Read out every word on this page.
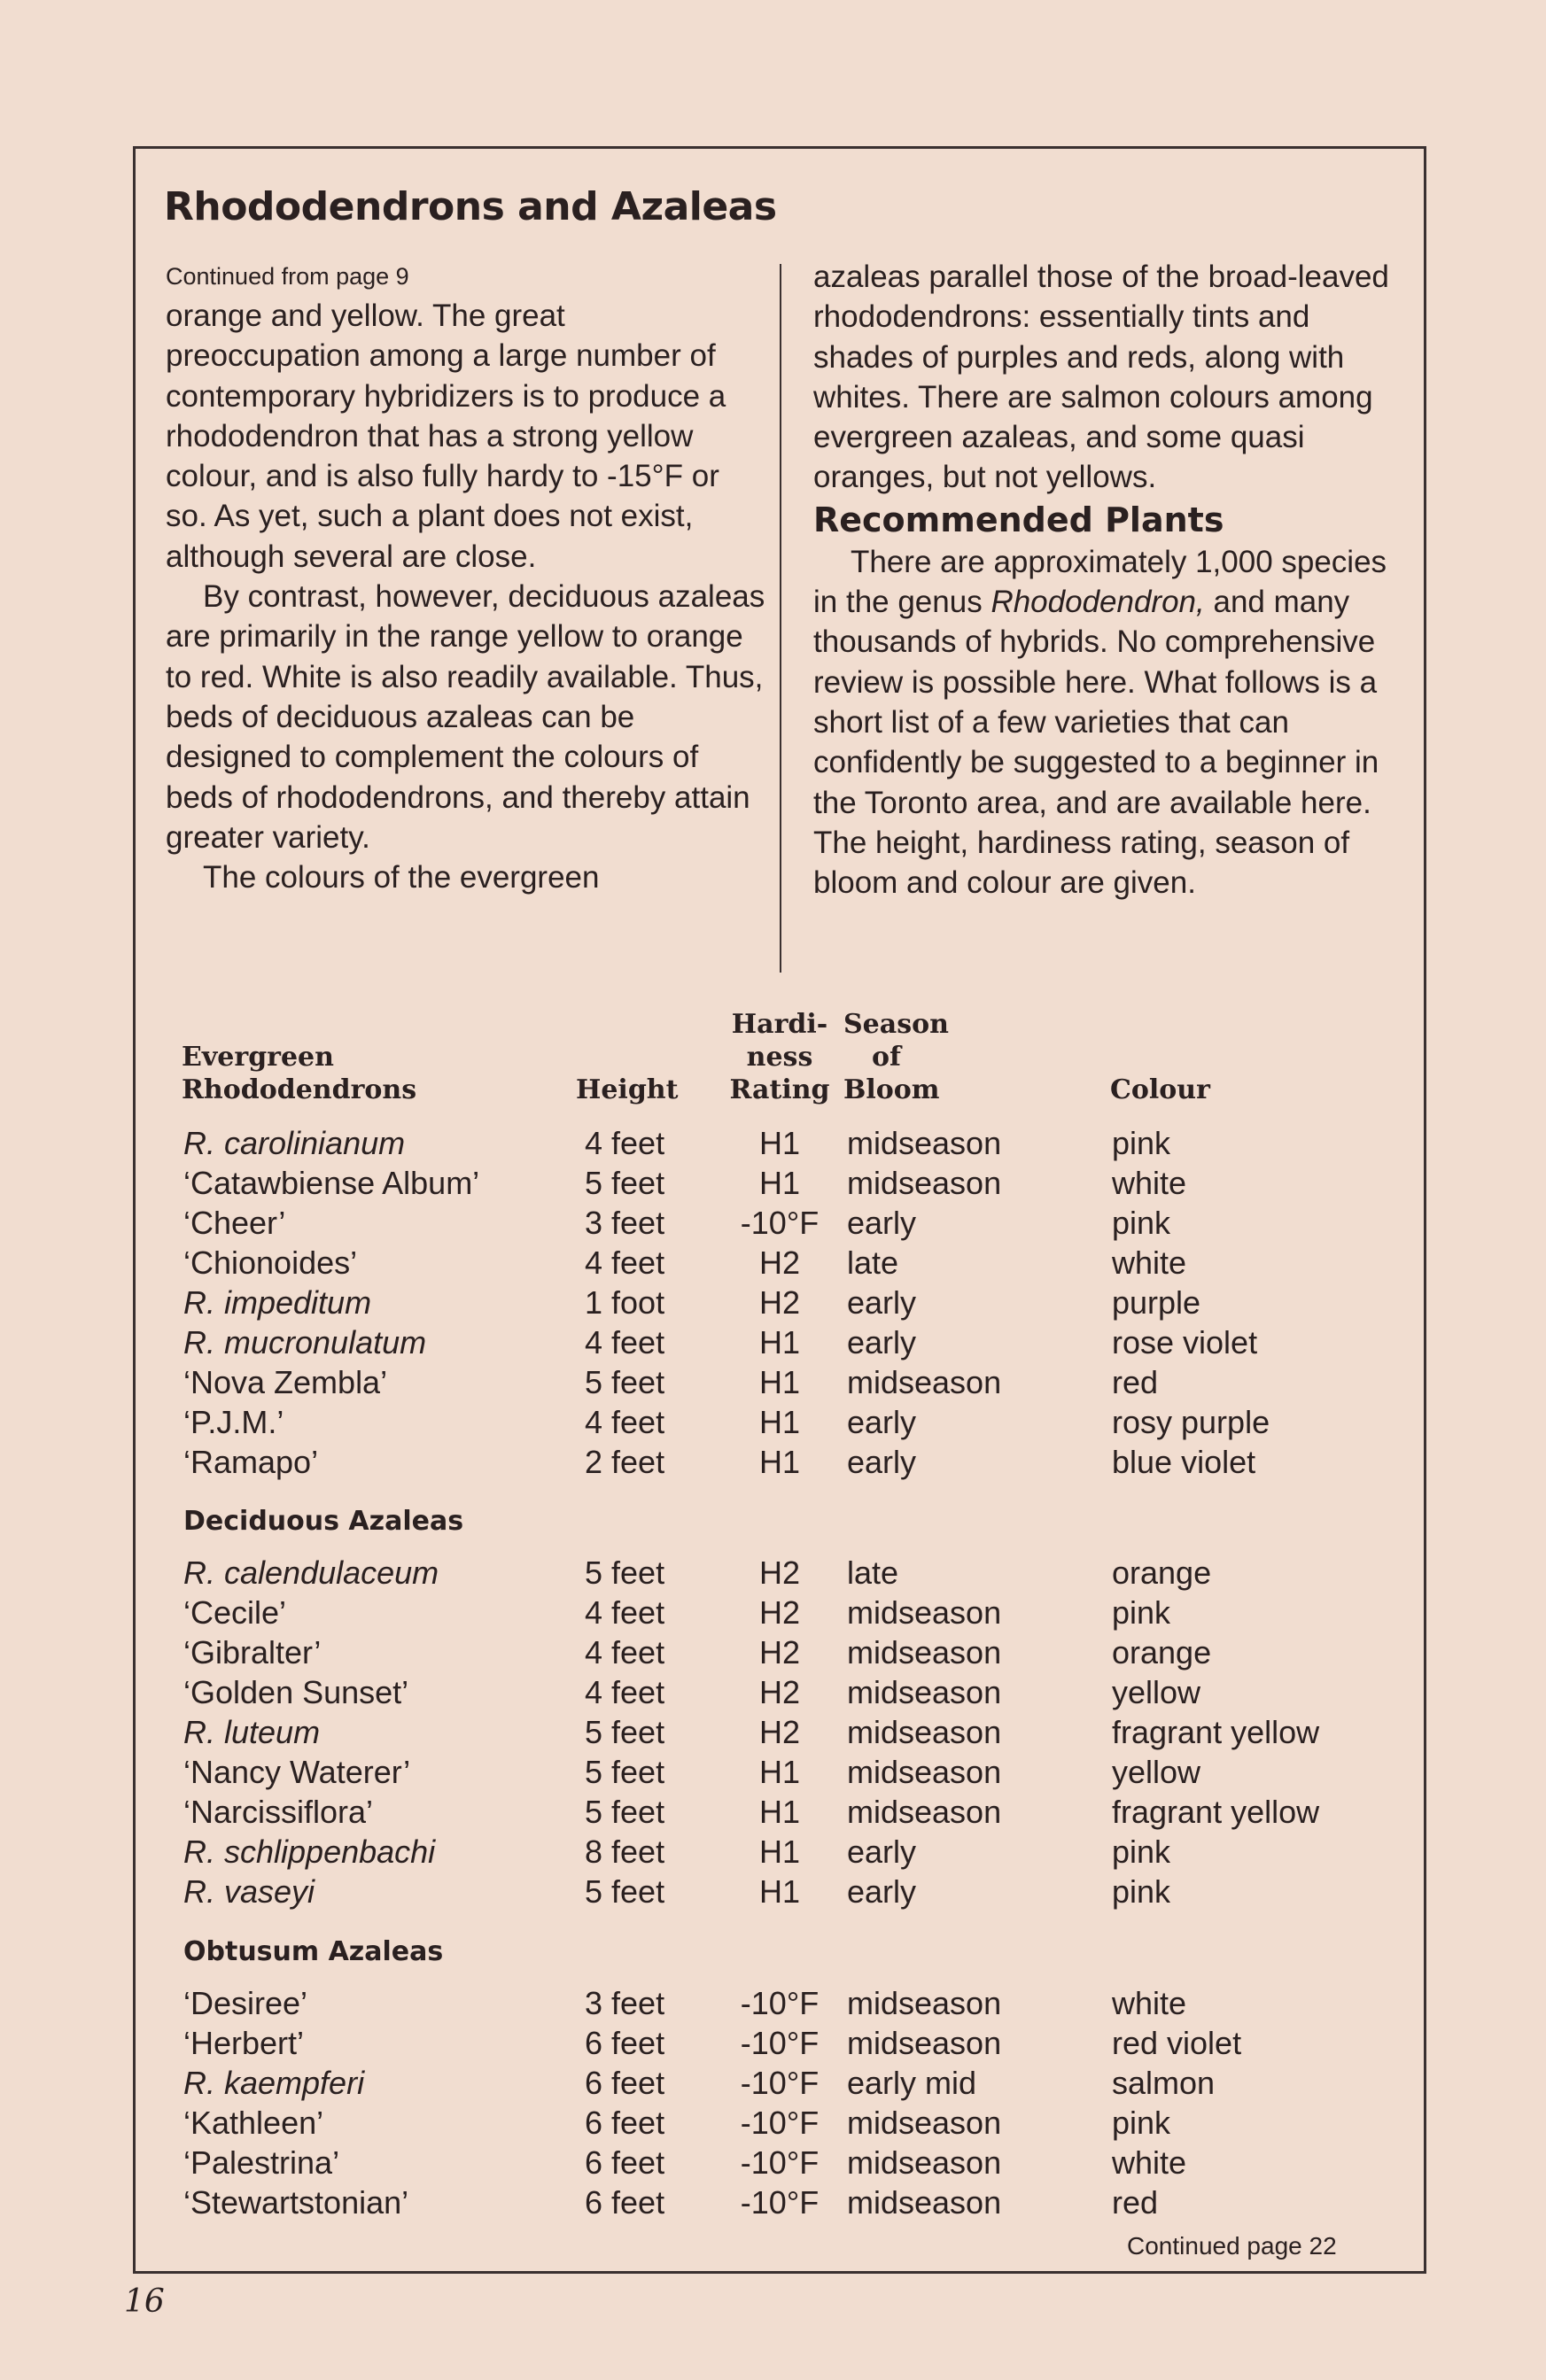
Rhododendrons and Azaleas

Continued from page 9

orange and yellow. The great preoccupation among a large number of contemporary hybridizers is to produce a rhododendron that has a strong yellow colour, and is also fully hardy to -15°F or so. As yet, such a plant does not exist, although several are close.

By contrast, however, deciduous azaleas are primarily in the range yellow to orange to red. White is also readily available. Thus, beds of deciduous azaleas can be designed to complement the colours of beds of rhododendrons, and thereby attain greater variety.

The colours of the evergreen

azaleas parallel those of the broad-leaved rhododendrons: essentially tints and shades of purples and reds, along with whites. There are salmon colours among evergreen azaleas, and some quasi oranges, but not yellows.

Recommended Plants

There are approximately 1,000 species in the genus Rhododendron, and many thousands of hybrids. No comprehensive review is possible here. What follows is a short list of a few varieties that can confidently be suggested to a beginner in the Toronto area, and are available here. The height, hardiness rating, season of bloom and colour are given.

Evergreen
Rhododendrons	Height
Hardi-
ness
Rating
Season
of
Bloom	Colour
R. carolinianum	4 feet	H1	midseason	pink
‘Catawbiense Album’	5 feet	H1	midseason	white
‘Cheer’	3 feet	-10°F early	pink
‘Chionoides’	4 feet	H2	late	white
R. impeditum	1 foot	H2	early	purple
R. mucronulatum	4 feet	H1	early	rose violet
‘Nova Zembla’	5 feet	H1	midseason	red
‘P.J.M.’	4 feet	H1	early	rosy purple
‘Ramapo’	2 feet	H1	early	blue violet
Deciduous Azaleas
R. calendulaceum	5 feet	H2	late	orange
‘Cecile’	4 feet	H2	midseason	pink
‘Gibralter’	4 feet	H2	midseason	orange
‘Golden Sunset’	4 feet	H2	midseason	yellow
R. luteum	5 feet	H2	midseason	fragrant yellow
‘Nancy Waterer’	5 feet	H1	midseason	yellow
‘Narcissiflora’	5 feet	H1	midseason	fragrant yellow
R. schlippenbachi	8 feet	H1	early	pink
R. vaseyi	5 feet	H1	early	pink
Obtusum Azaleas
‘Desiree’	3 feet	-10°F midseason	white
‘Herbert’	6 feet	-10°F midseason	red violet
R. kaempferi	6 feet	-10°F early mid	salmon
‘Kathleen’	6 feet	-10°F midseason	pink
‘Palestrina’	6 feet	-10°F midseason	white
‘Stewartstonian’	6 feet	-10°F midseason	red
Continued page 22
16
